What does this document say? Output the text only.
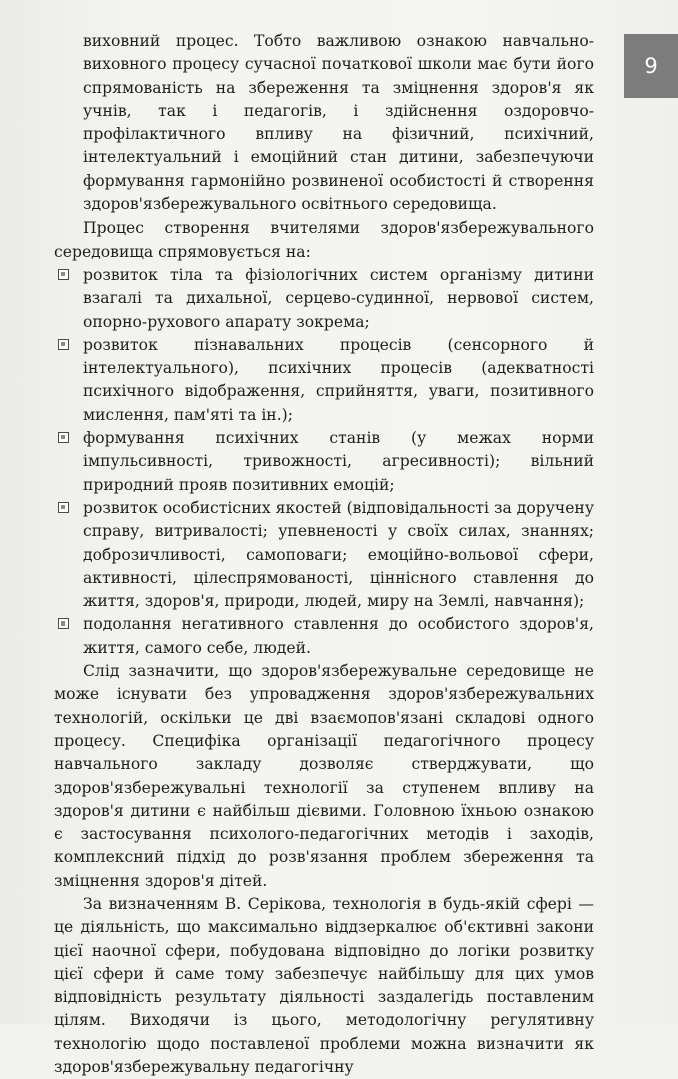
9

виховний процес. Тобто важливою ознакою навчально-виховного процесу сучасної початкової школи має бути його спрямованість на збереження та зміцнення здоров'я як учнів, так і педагогів, і здійснення оздоровчо-профілактичного впливу на фізичний, психічний, інтелектуальний і емоційний стан дитини, забезпечуючи формування гармонійно розвиненої особистості й створення здоров'язбережувального освітнього середовища.

Процес створення вчителями здоров'язбережувального середовища спрямовується на:

розвиток тіла та фізіологічних систем організму дитини взагалі та дихальної, серцево-судинної, нервової систем, опорно-рухового апарату зокрема;
розвиток пізнавальних процесів (сенсорного й інтелектуального), психічних процесів (адекватності психічного відображення, сприйняття, уваги, позитивного мислення, пам'яті та ін.);
формування психічних станів (у межах норми імпульсивності, тривожності, агресивності); вільний природний прояв позитивних емоцій;
розвиток особистісних якостей (відповідальності за доручену справу, витривалості; упевненості у своїх силах, знаннях; доброзичливості, самоповаги; емоційно-вольової сфери, активності, цілеспрямованості, ціннісного ставлення до життя, здоров'я, природи, людей, миру на Землі, навчання);
подолання негативного ставлення до особистого здоров'я, життя, самого себе, людей.

Слід зазначити, що здоров'язбережувальне середовище не може існувати без упровадження здоров'язбережувальних технологій, оскільки це дві взаємопов'язані складові одного процесу. Специфіка організації педагогічного процесу навчального закладу дозволяє стверджувати, що здоров'язбережувальні технології за ступенем впливу на здоров'я дитини є найбільш дієвими. Головною їхньою ознакою є застосування психолого-педагогічних методів і заходів, комплексний підхід до розв'язання проблем збереження та зміцнення здоров'я дітей.

За визначенням В. Серікова, технологія в будь-якій сфері — це діяльність, що максимально віддзеркалює об'єктивні закони цієї наочної сфери, побудована відповідно до логіки розвитку цієї сфери й саме тому забезпечує найбільшу для цих умов відповідність результату діяльності заздалегідь поставленим цілям. Виходячи із цього, методологічну регулятивну технологію щодо поставленої проблеми можна визначити як здоров'язбережувальну педагогічну
